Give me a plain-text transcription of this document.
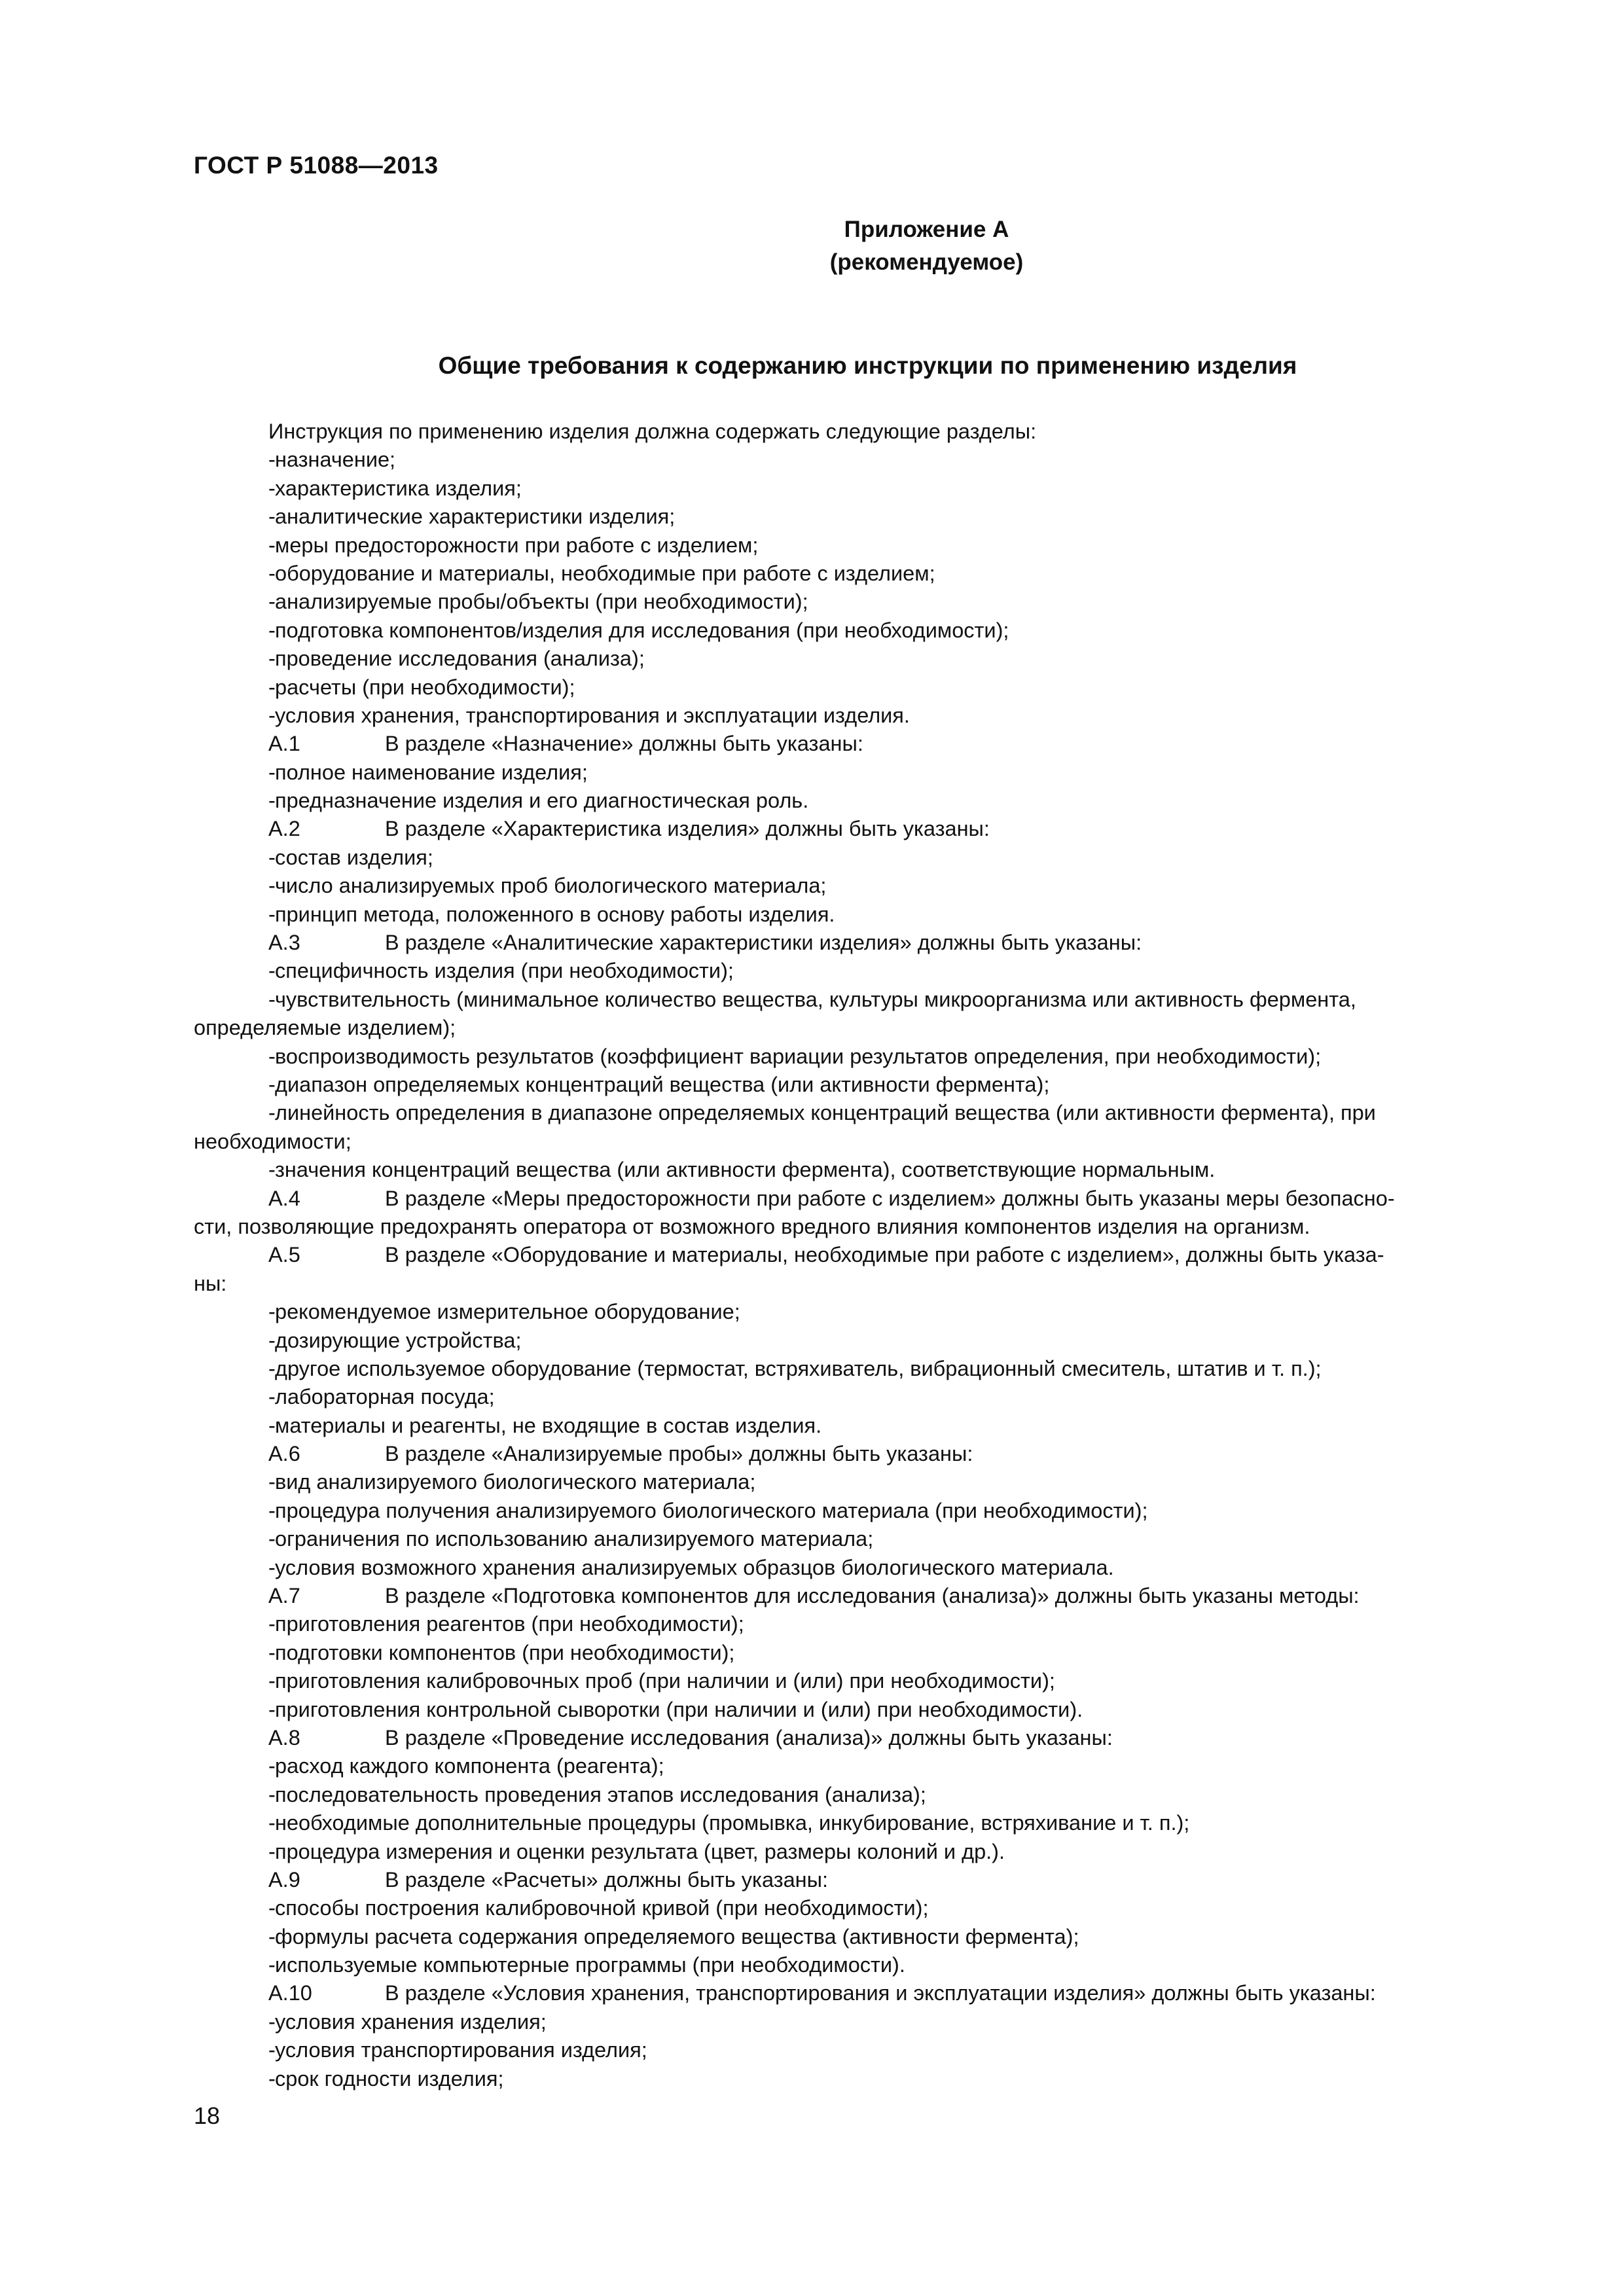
ГОСТ Р 51088—2013
Приложение А
(рекомендуемое)
Общие требования к содержанию инструкции по применению изделия
Инструкция по применению изделия должна содержать следующие разделы:
-назначение;
-характеристика изделия;
-аналитические характеристики изделия;
-меры предосторожности при работе с изделием;
-оборудование и материалы, необходимые при работе с изделием;
-анализируемые пробы/объекты (при необходимости);
-подготовка компонентов/изделия для исследования (при необходимости);
-проведение исследования (анализа);
-расчеты (при необходимости);
-условия хранения, транспортирования и эксплуатации изделия.
А.1	В разделе «Назначение» должны быть указаны:
-полное наименование изделия;
-предназначение изделия и его диагностическая роль.
А.2	В разделе «Характеристика изделия» должны быть указаны:
-состав изделия;
-число анализируемых проб биологического материала;
-принцип метода, положенного в основу работы изделия.
А.3	В разделе «Аналитические характеристики изделия» должны быть указаны:
-специфичность изделия (при необходимости);
-чувствительность (минимальное количество вещества, культуры микроорганизма или активность фермента,
определяемые изделием);
-воспроизводимость результатов (коэффициент вариации результатов определения, при необходимости);
-диапазон определяемых концентраций вещества (или активности фермента);
-линейность определения в диапазоне определяемых концентраций вещества (или активности фермента), при
необходимости;
-значения концентраций вещества (или активности фермента), соответствующие нормальным.
А.4	В разделе «Меры предосторожности при работе с изделием» должны быть указаны меры безопасно-
сти, позволяющие предохранять оператора от возможного вредного влияния компонентов изделия на организм.
А.5	В разделе «Оборудование и материалы, необходимые при работе с изделием», должны быть указа-
ны:
-рекомендуемое измерительное оборудование;
-дозирующие устройства;
-другое используемое оборудование (термостат, встряхиватель, вибрационный смеситель, штатив и т. п.);
-лабораторная посуда;
-материалы и реагенты, не входящие в состав изделия.
А.6	В разделе «Анализируемые пробы» должны быть указаны:
-вид анализируемого биологического материала;
-процедура получения анализируемого биологического материала (при необходимости);
-ограничения по использованию анализируемого материала;
-условия возможного хранения анализируемых образцов биологического материала.
А.7	В разделе «Подготовка компонентов для исследования (анализа)» должны быть указаны методы:
-приготовления реагентов (при необходимости);
-подготовки компонентов (при необходимости);
-приготовления калибровочных проб (при наличии и (или) при необходимости);
-приготовления контрольной сыворотки (при наличии и (или) при необходимости).
А.8	В разделе «Проведение исследования (анализа)» должны быть указаны:
-расход каждого компонента (реагента);
-последовательность проведения этапов исследования (анализа);
-необходимые дополнительные процедуры (промывка, инкубирование, встряхивание и т. п.);
-процедура измерения и оценки результата (цвет, размеры колоний и др.).
А.9	В разделе «Расчеты» должны быть указаны:
-способы построения калибровочной кривой (при необходимости);
-формулы расчета содержания определяемого вещества (активности фермента);
-используемые компьютерные программы (при необходимости).
А.10	В разделе «Условия хранения, транспортирования и эксплуатации изделия» должны быть указаны:
-условия хранения изделия;
-условия транспортирования изделия;
-срок годности изделия;
18
